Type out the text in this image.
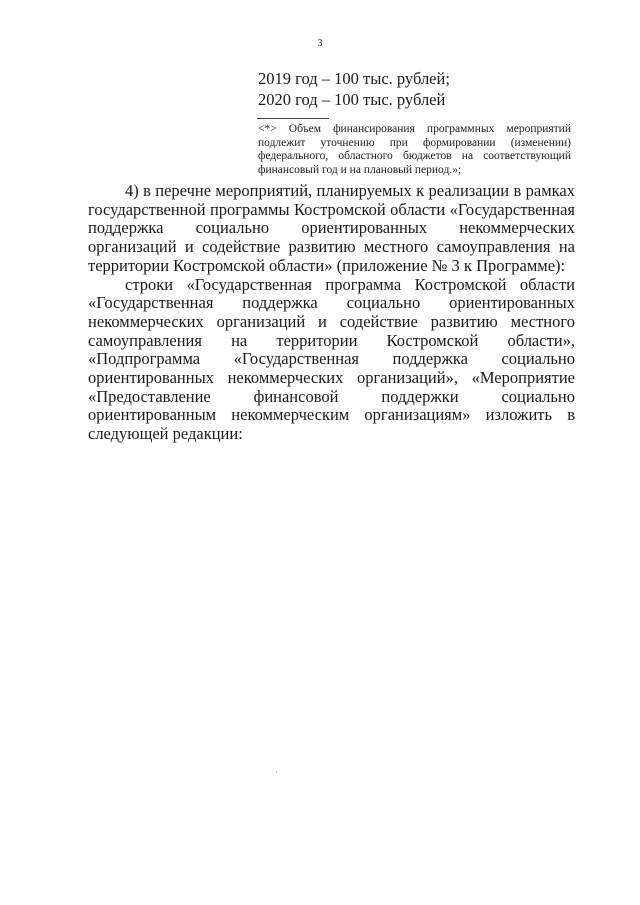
3
2019 год – 100 тыс. рублей;
2020 год – 100 тыс. рублей
<*> Объем финансирования программных мероприятий подлежит уточнению при формировании (изменении) федерального, областного бюджетов на соответствующий финансовый год и на плановый период.»;

4) в перечне мероприятий, планируемых к реализации в рамках государственной программы Костромской области «Государственная поддержка социально ориентированных некоммерческих организаций и содействие развитию местного самоуправления на территории Костромской области» (приложение № 3 к Программе):

строки «Государственная программа Костромской области «Государственная поддержка социально ориентированных некоммерческих организаций и содействие развитию местного самоуправления на территории Костромской области», «Подпрограмма «Государственная поддержка социально ориентированных некоммерческих организаций», «Мероприятие «Предоставление финансовой поддержки социально ориентированным некоммерческим организациям» изложить в следующей редакции:
